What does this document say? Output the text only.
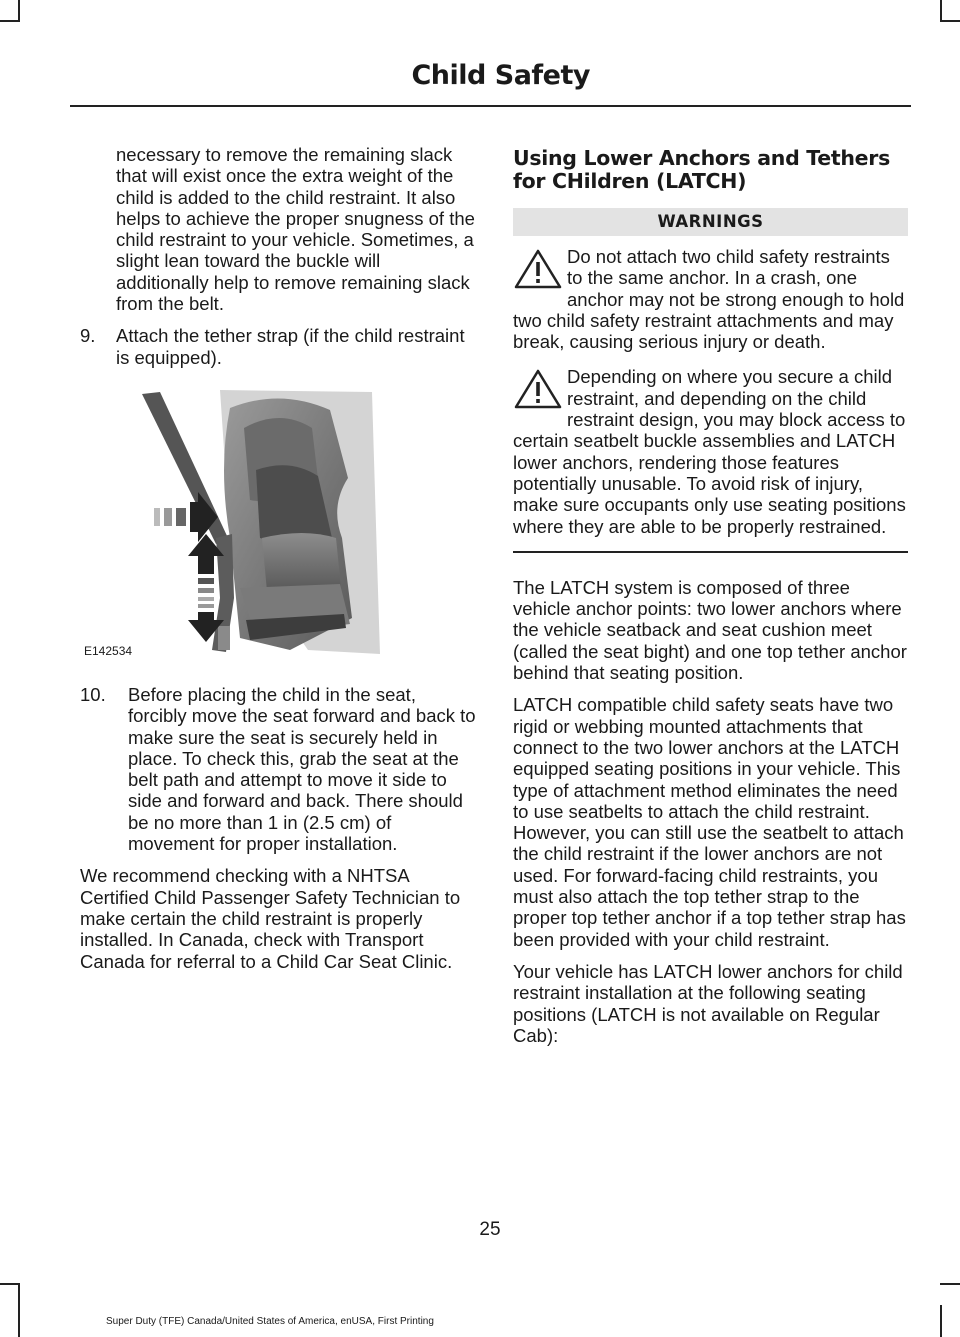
Child Safety

necessary to remove the remaining slack that will exist once the extra weight of the child is added to the child restraint. It also helps to achieve the proper snugness of the child restraint to your vehicle. Sometimes, a slight lean toward the buckle will additionally help to remove remaining slack from the belt.

9.	Attach the tether strap (if the child restraint is equipped).
E142534
10.	Before placing the child in the seat, forcibly move the seat forward and back to make sure the seat is securely held in place. To check this, grab the seat at the belt path and attempt to move it side to side and forward and back. There should be no more than 1 in (2.5 cm) of movement for proper installation.

We recommend checking with a NHTSA Certified Child Passenger Safety Technician to make certain the child restraint is properly installed. In Canada, check with Transport Canada for referral to a Child Car Seat Clinic.

Using Lower Anchors and Tethers for CHildren (LATCH)
WARNINGS
Do not attach two child safety restraints to the same anchor. In a crash, one anchor may not be strong enough to hold two child safety restraint attachments and may break, causing serious injury or death.
Depending on where you secure a child restraint, and depending on the child restraint design, you may block access to certain seatbelt buckle assemblies and LATCH lower anchors, rendering those features potentially unusable. To avoid risk of injury, make sure occupants only use seating positions where they are able to be properly restrained.

The LATCH system is composed of three vehicle anchor points: two lower anchors where the vehicle seatback and seat cushion meet (called the seat bight) and one top tether anchor behind that seating position.

LATCH compatible child safety seats have two rigid or webbing mounted attachments that connect to the two lower anchors at the LATCH equipped seating positions in your vehicle. This type of attachment method eliminates the need to use seatbelts to attach the child restraint. However, you can still use the seatbelt to attach the child restraint if the lower anchors are not used. For forward-facing child restraints, you must also attach the top tether strap to the proper top tether anchor if a top tether strap has been provided with your child restraint.

Your vehicle has LATCH lower anchors for child restraint installation at the following seating positions (LATCH is not available on Regular Cab):

25
Super Duty (TFE) Canada/United States of America, enUSA, First Printing
